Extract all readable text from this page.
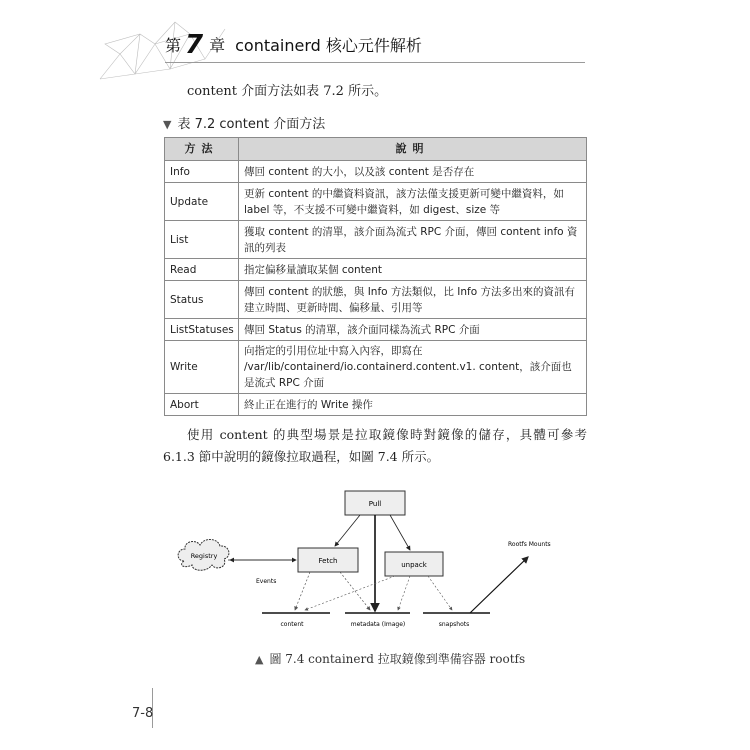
第 7 章 containerd 核心元件解析
content 介面方法如表 7.2 所示。
▼ 表 7.2 content 介面方法
方法	說明
Info	傳回 content 的大小，以及該 content 是否存在
Update	更新 content 的中繼資料資訊，該方法僅支援更新可變中繼資料，如 label 等，不支援不可變中繼資料，如 digest、size 等
List	獲取 content 的清單，該介面為流式 RPC 介面，傳回 content info 資訊的列表
Read	指定偏移量讀取某個 content
Status	傳回 content 的狀態，與 Info 方法類似，比 Info 方法多出來的資訊有建立時間、更新時間、偏移量、引用等
ListStatuses	傳回 Status 的清單，該介面同樣為流式 RPC 介面
Write	向指定的引用位址中寫入內容，即寫在 /var/lib/containerd/io.containerd.content.v1. content，該介面也是流式 RPC 介面
Abort	終止正在進行的 Write 操作
使用 content 的典型場景是拉取鏡像時對鏡像的儲存，具體可參考 6.1.3 節中說明的鏡像拉取過程，如圖 7.4 所示。
Pull
Fetch	unpack
Registry
Events
Rootfs Mounts
content	metadata (Image)	snapshots
▲ 圖 7.4 containerd 拉取鏡像到準備容器 rootfs
7-8
